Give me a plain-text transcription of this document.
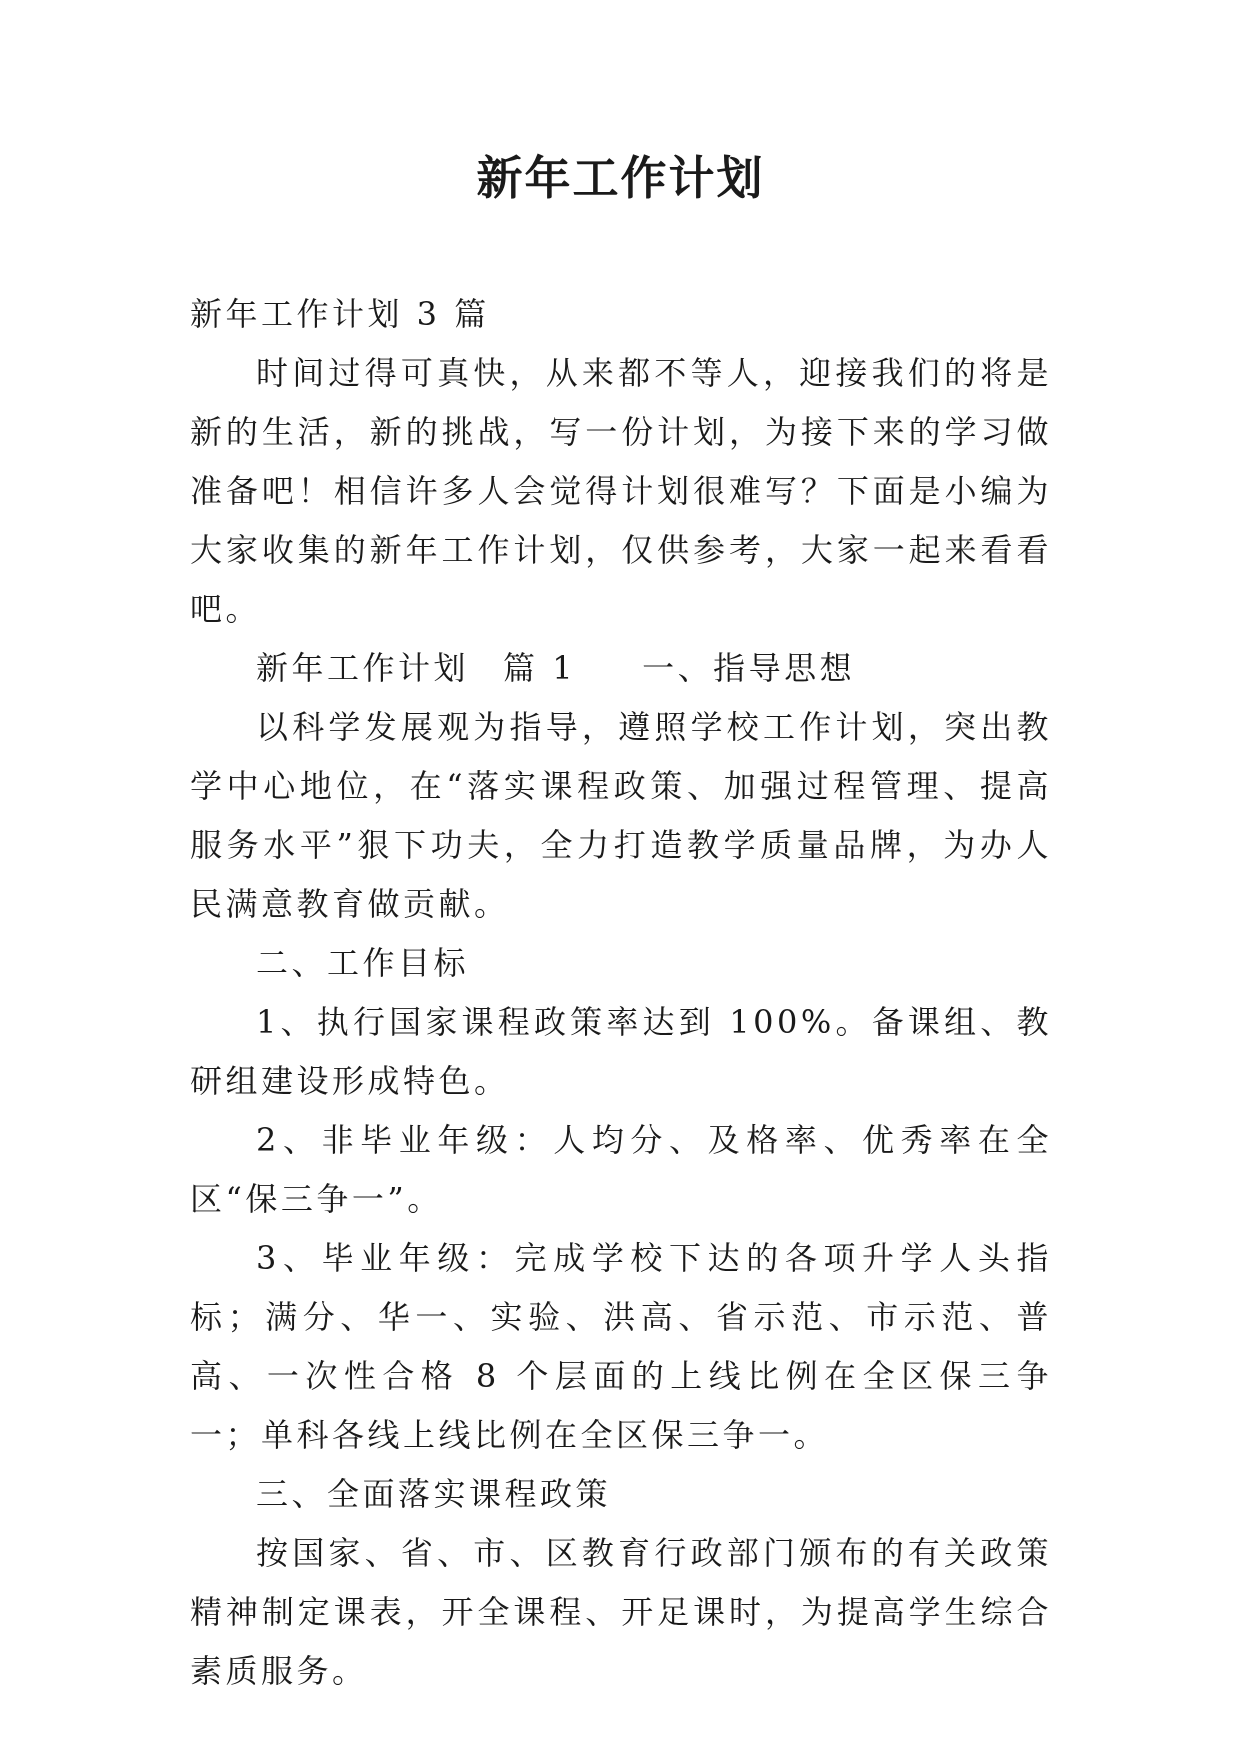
新年工作计划

新年工作计划 3 篇

时间过得可真快，从来都不等人，迎接我们的将是新的生活，新的挑战，写一份计划，为接下来的学习做准备吧！相信许多人会觉得计划很难写？下面是小编为大家收集的新年工作计划，仅供参考，大家一起来看看吧。

新年工作计划 篇 1 一、指导思想

以科学发展观为指导，遵照学校工作计划，突出教学中心地位，在“落实课程政策、加强过程管理、提高服务水平”狠下功夫，全力打造教学质量品牌，为办人民满意教育做贡献。

二、工作目标

1、执行国家课程政策率达到 100%。备课组、教研组建设形成特色。

2、非毕业年级：人均分、及格率、优秀率在全区“保三争一”。

3、毕业年级：完成学校下达的各项升学人头指标；满分、华一、实验、洪高、省示范、市示范、普高、一次性合格 8 个层面的上线比例在全区保三争一；单科各线上线比例在全区保三争一。

三、全面落实课程政策

按国家、省、市、区教育行政部门颁布的有关政策精神制定课表，开全课程、开足课时，为提高学生综合素质服务。
